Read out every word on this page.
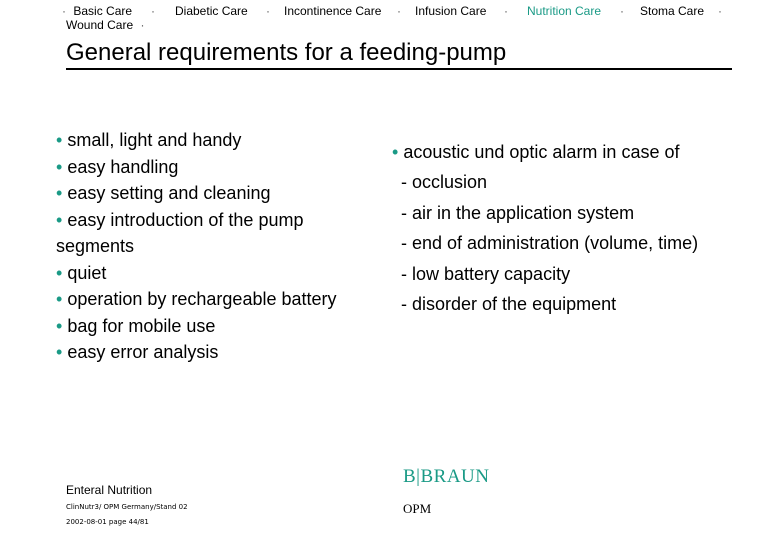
· Basic Care · Diabetic Care · Incontinence Care · Infusion Care · Nutrition Care · Stoma Care ·
Wound Care ·
General requirements for a feeding-pump
• small, light and handy
• easy handling
• easy setting and cleaning
• easy introduction of the pump
segments
• quiet
• operation by rechargeable battery
• bag for mobile use
• easy error analysis
• acoustic und optic alarm in case of
- occlusion
- air in the application system
- end of administration (volume, time)
- low battery capacity
- disorder of the equipment
Enteral Nutrition
ClinNutr3/ OPM Germany/Stand 02
2002-08-01 page 44/81
B|BRAUN
OPM
